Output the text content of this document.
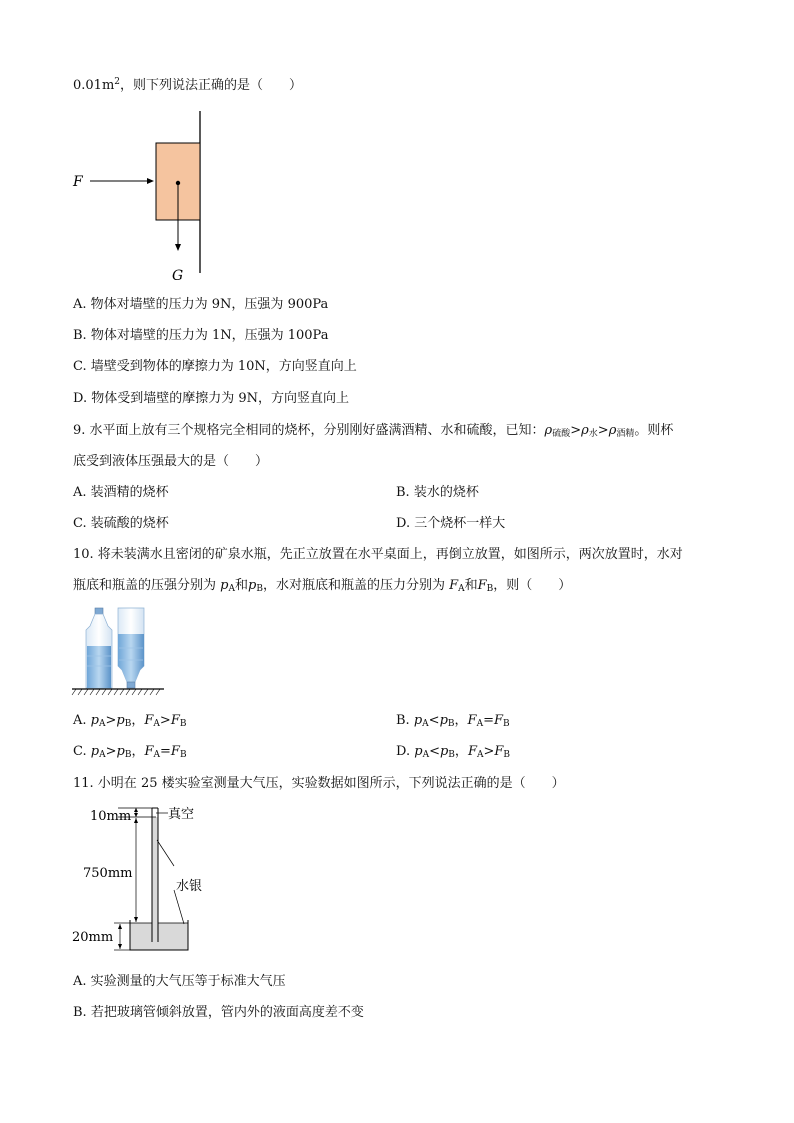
$0.01m^2$，则下列说法正确的是（　　）
F
G
A. 物体对墙壁的压力为 9N，压强为 900Pa
B. 物体对墙壁的压力为 1N，压强为 100Pa
C. 墙壁受到物体的摩擦力为 10N，方向竖直向上
D. 物体受到墙壁的摩擦力为 9N，方向竖直向上
9. 水平面上放有三个规格完全相同的烧杯，分别刚好盛满酒精、水和硫酸，已知：$\rho_{硫酸}>\rho_水>\rho_{酒精}$。则杯
底受到液体压强最大的是（　　）
A. 装酒精的烧杯	B. 装水的烧杯
C. 装硫酸的烧杯	D. 三个烧杯一样大
10. 将未装满水且密闭的矿泉水瓶，先正立放置在水平桌面上，再倒立放置，如图所示，两次放置时，水对
瓶底和瓶盖的压强分别为 $p_A$和$p_B$，水对瓶底和瓶盖的压力分别为 $F_A$和$F_B$，则（　　）
A. $p_A>p_B$，$F_A>F_B$	B. $p_A<p_B$，$F_A=F_B$
C. $p_A>p_B$，$F_A=F_B$	D. $p_A<p_B$，$F_A>F_B$
11. 小明在 25 楼实验室测量大气压，实验数据如图所示，下列说法正确的是（　　）
10mm
750mm
20mm
真空
水银
A. 实验测量的大气压等于标准大气压
B. 若把玻璃管倾斜放置，管内外的液面高度差不变
